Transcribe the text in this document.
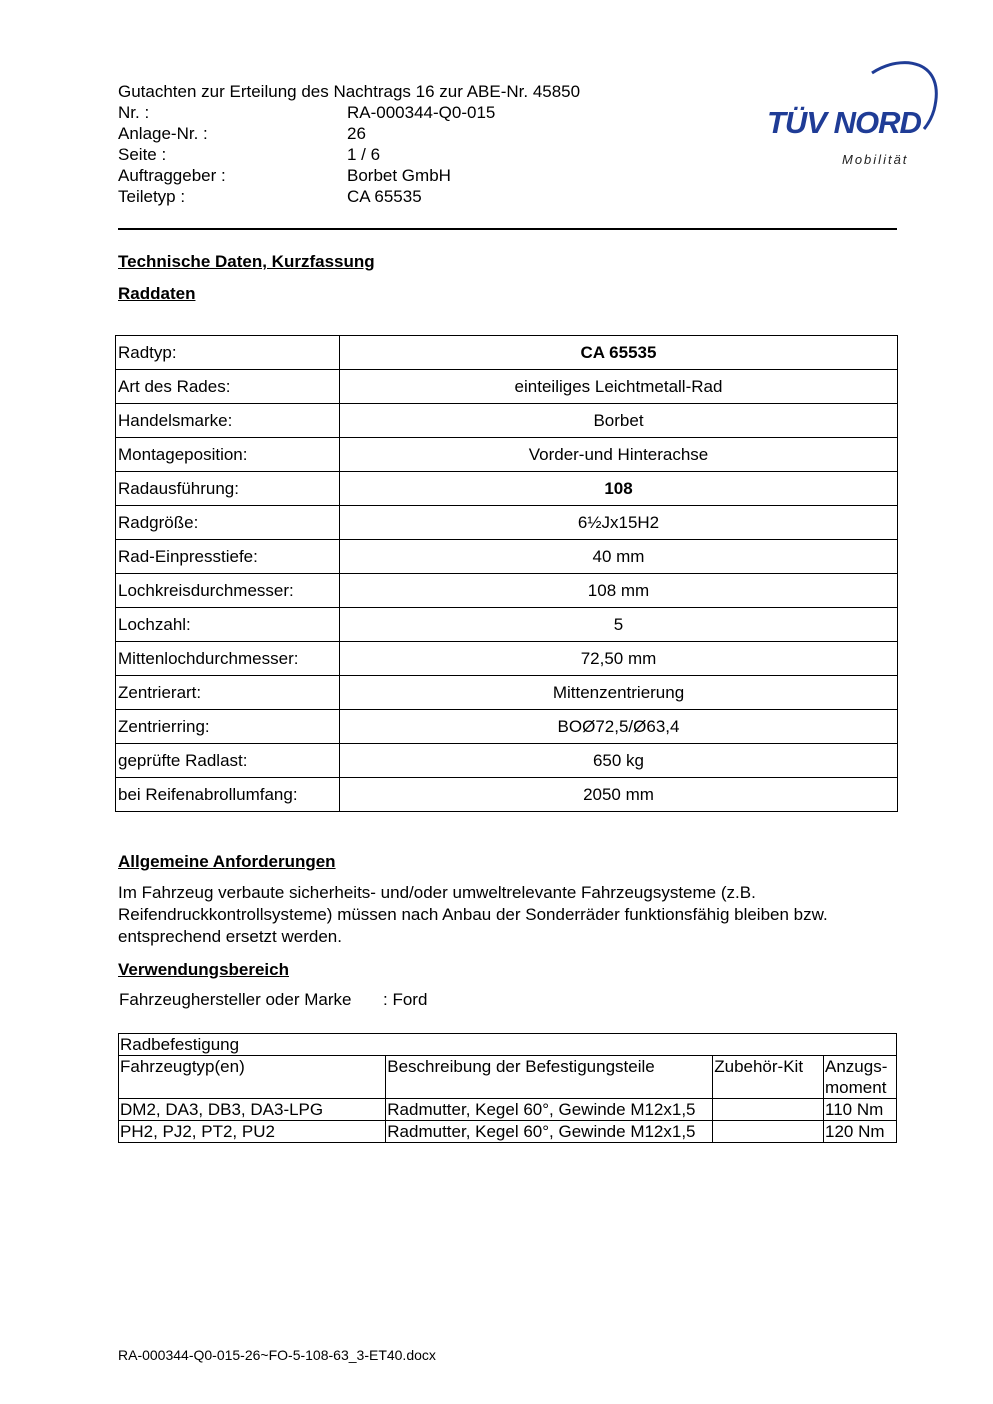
Gutachten zur Erteilung des Nachtrags 16 zur ABE-Nr. 45850
Nr. :	RA-000344-Q0-015
Anlage-Nr. :	26
Seite :	1 / 6
Auftraggeber :	Borbet GmbH
Teiletyp :	CA 65535
TÜV NORD
Mobilität
Technische Daten, Kurzfassung
Raddaten
Radtyp:	CA 65535
Art des Rades:	einteiliges Leichtmetall-Rad
Handelsmarke:	Borbet
Montageposition:	Vorder-und Hinterachse
Radausführung:	108
Radgröße:	6½Jx15H2
Rad-Einpresstiefe:	40 mm
Lochkreisdurchmesser:	108 mm
Lochzahl:	5
Mittenlochdurchmesser:	72,50 mm
Zentrierart:	Mittenzentrierung
Zentrierring:	BOØ72,5/Ø63,4
geprüfte Radlast:	650 kg
bei Reifenabrollumfang:	2050 mm
Allgemeine Anforderungen
Im Fahrzeug verbaute sicherheits- und/oder umweltrelevante Fahrzeugsysteme (z.B. Reifendruckkontrollsysteme) müssen nach Anbau der Sonderräder funktionsfähig bleiben bzw. entsprechend ersetzt werden.
Verwendungsbereich
Fahrzeughersteller oder Marke	: Ford
Radbefestigung			
Fahrzeugtyp(en)	Beschreibung der Befestigungsteile	Zubehör-Kit	Anzugs-moment
DM2, DA3, DB3, DA3-LPG	Radmutter, Kegel 60°, Gewinde M12x1,5		110 Nm
PH2, PJ2, PT2, PU2	Radmutter, Kegel 60°, Gewinde M12x1,5		120 Nm
RA-000344-Q0-015-26~FO-5-108-63_3-ET40.docx
